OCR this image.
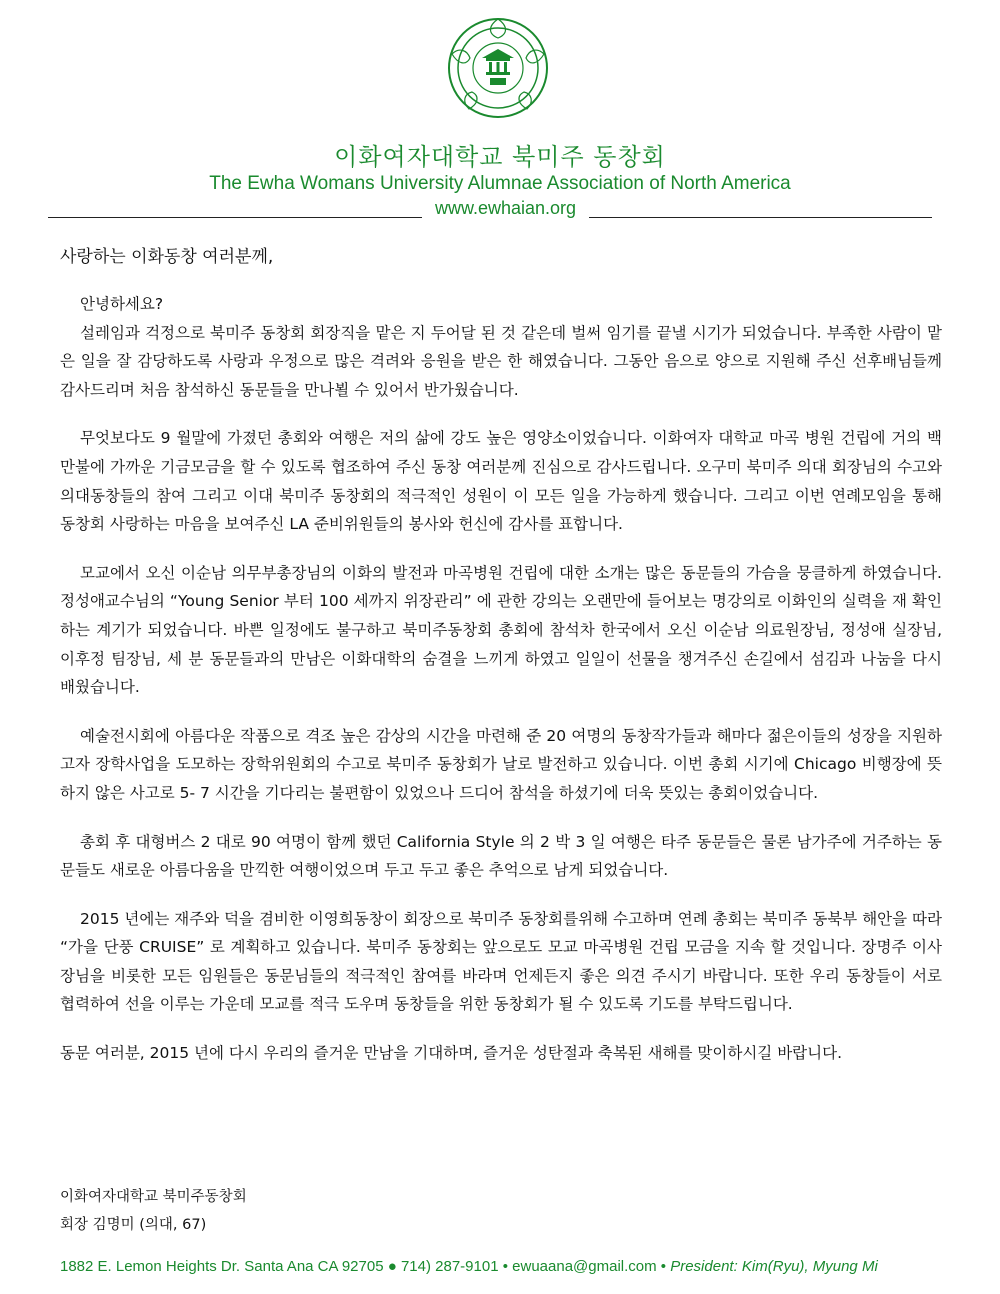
이화여자대학교 북미주 동창회
The Ewha Womans University Alumnae Association of North America
www.ewhaian.org
사랑하는 이화동창 여러분께,

안녕하세요?

설레임과 걱정으로 북미주 동창회 회장직을 맡은 지 두어달 된 것 같은데 벌써 임기를 끝낼 시기가 되었습니다. 부족한 사람이 맡은 일을 잘 감당하도록 사랑과 우정으로 많은 격려와 응원을 받은 한 해였습니다. 그동안 음으로 양으로 지원해 주신 선후배님들께 감사드리며 처음 참석하신 동문들을 만나뵐 수 있어서 반가웠습니다.

무엇보다도 9 월말에 가졌던 총회와 여행은 저의 삶에 강도 높은 영양소이었습니다. 이화여자 대학교 마곡 병원 건립에 거의 백만불에 가까운 기금모금을 할 수 있도록 협조하여 주신 동창 여러분께 진심으로 감사드립니다. 오구미 북미주 의대 회장님의 수고와 의대동창들의 참여 그리고 이대 북미주 동창회의 적극적인 성원이 이 모든 일을 가능하게 했습니다. 그리고 이번 연례모임을 통해 동창회 사랑하는 마음을 보여주신 LA 준비위원들의 봉사와 헌신에 감사를 표합니다.

모교에서 오신 이순남 의무부총장님의 이화의 발전과 마곡병원 건립에 대한 소개는 많은 동문들의 가슴을 뭉클하게 하였습니다. 정성애교수님의 “Young Senior 부터 100 세까지 위장관리” 에 관한 강의는 오랜만에 들어보는 명강의로 이화인의 실력을 재 확인하는 계기가 되었습니다. 바쁜 일정에도 불구하고 북미주동창회 총회에 참석차 한국에서 오신 이순남 의료원장님, 정성애 실장님, 이후정 팀장님, 세 분 동문들과의 만남은 이화대학의 숨결을 느끼게 하였고 일일이 선물을 챙겨주신 손길에서 섬김과 나눔을 다시 배웠습니다.

예술전시회에 아름다운 작품으로 격조 높은 감상의 시간을 마련해 준 20 여명의 동창작가들과 해마다 젊은이들의 성장을 지원하고자 장학사업을 도모하는 장학위원회의 수고로 북미주 동창회가 날로 발전하고 있습니다. 이번 총회 시기에 Chicago 비행장에 뜻하지 않은 사고로 5- 7 시간을 기다리는 불편함이 있었으나 드디어 참석을 하셨기에 더욱 뜻있는 총회이었습니다.

총회 후 대형버스 2 대로 90 여명이 함께 했던 California Style 의 2 박 3 일 여행은 타주 동문들은 물론 남가주에 거주하는 동문들도 새로운 아름다움을 만끽한 여행이었으며 두고 두고 좋은 추억으로 남게 되었습니다.

2015 년에는 재주와 덕을 겸비한 이영희동창이 회장으로 북미주 동창회를위해 수고하며 연례 총회는 북미주 동북부 해안을 따라 “가을 단풍 CRUISE” 로 계획하고 있습니다. 북미주 동창회는 앞으로도 모교 마곡병원 건립 모금을 지속 할 것입니다. 장명주 이사장님을 비롯한 모든 임원들은 동문님들의 적극적인 참여를 바라며 언제든지 좋은 의견 주시기 바랍니다. 또한 우리 동창들이 서로 협력하여 선을 이루는 가운데 모교를 적극 도우며 동창들을 위한 동창회가 될 수 있도록 기도를 부탁드립니다.

동문 여러분, 2015 년에 다시 우리의 즐거운 만남을 기대하며, 즐거운 성탄절과 축복된 새해를 맞이하시길 바랍니다.

이화여자대학교 북미주동창회
회장 김명미 (의대, 67)
1882 E. Lemon Heights Dr. Santa Ana CA 92705 ● 714) 287-9101 • ewuaana@gmail.com • President: Kim(Ryu), Myung Mi
